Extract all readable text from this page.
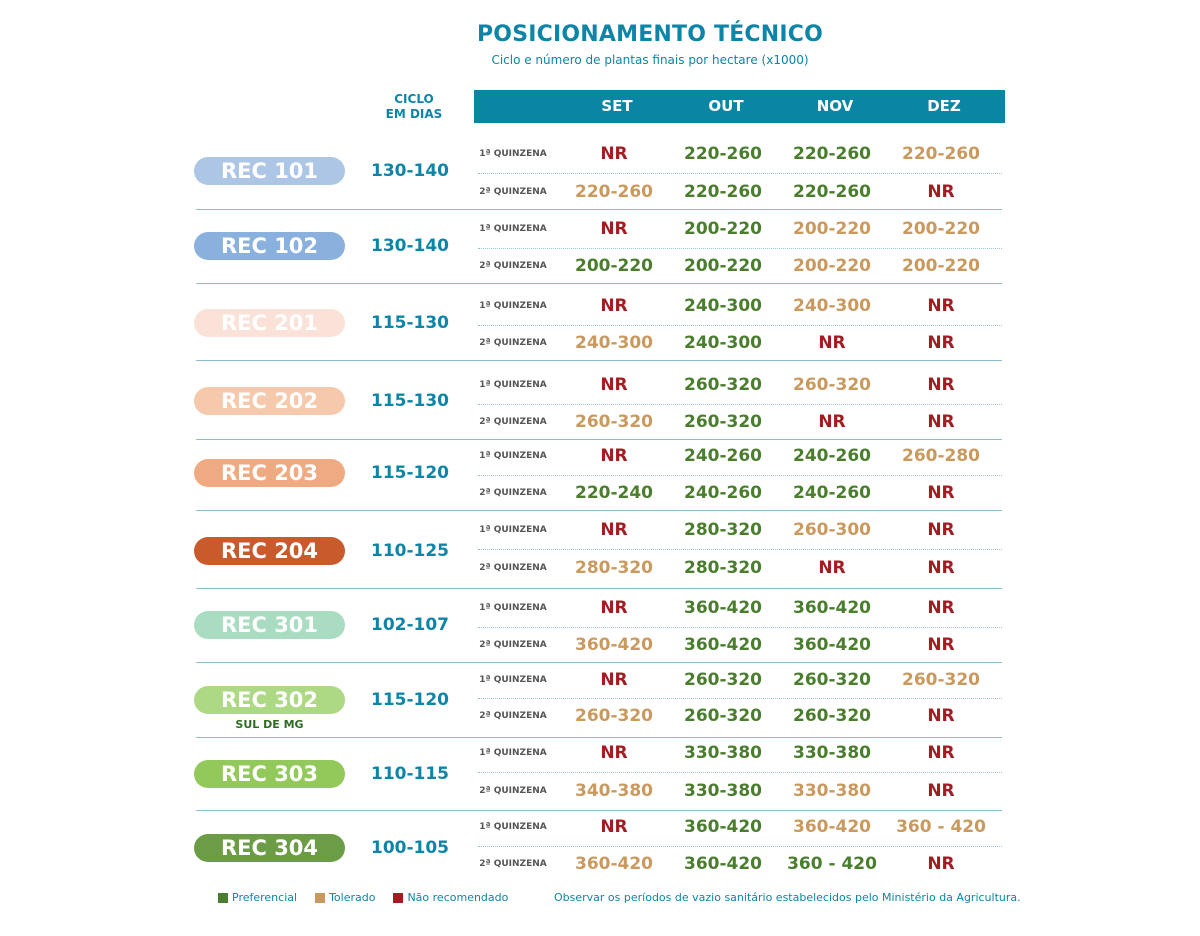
POSICIONAMENTO TÉCNICO
Ciclo e número de plantas finais por hectare (x1000)
CICLO
EM DIAS	SET	OUT	NOV	DEZ
REC 101	130-140
1ª QUINZENA	NR	220-260	220-260	220-260
2ª QUINZENA	220-260	220-260	220-260	NR
REC 102	130-140
1ª QUINZENA	NR	200-220	200-220	200-220
2ª QUINZENA	200-220	200-220	200-220	200-220
REC 201	115-130
1ª QUINZENA	NR	240-300	240-300	NR
2ª QUINZENA	240-300	240-300	NR	NR
REC 202	115-130
1ª QUINZENA	NR	260-320	260-320	NR
2ª QUINZENA	260-320	260-320	NR	NR
REC 203	115-120
1ª QUINZENA	NR	240-260	240-260	260-280
2ª QUINZENA	220-240	240-260	240-260	NR
REC 204	110-125
1ª QUINZENA	NR	280-320	260-300	NR
2ª QUINZENA	280-320	280-320	NR	NR
REC 301	102-107
1ª QUINZENA	NR	360-420	360-420	NR
2ª QUINZENA	360-420	360-420	360-420	NR
REC 302
SUL DE MG
115-120
1ª QUINZENA	NR	260-320	260-320	260-320
2ª QUINZENA	260-320	260-320	260-320	NR
REC 303	110-115
1ª QUINZENA	NR	330-380	330-380	NR
2ª QUINZENA	340-380	330-380	330-380	NR
REC 304	100-105
1ª QUINZENA	NR	360-420	360-420	360 - 420
2ª QUINZENA	360-420	360-420	360 - 420	NR
Preferencial	Tolerado	Não recomendado	Observar os períodos de vazio sanitário estabelecidos pelo Ministério da Agricultura.
